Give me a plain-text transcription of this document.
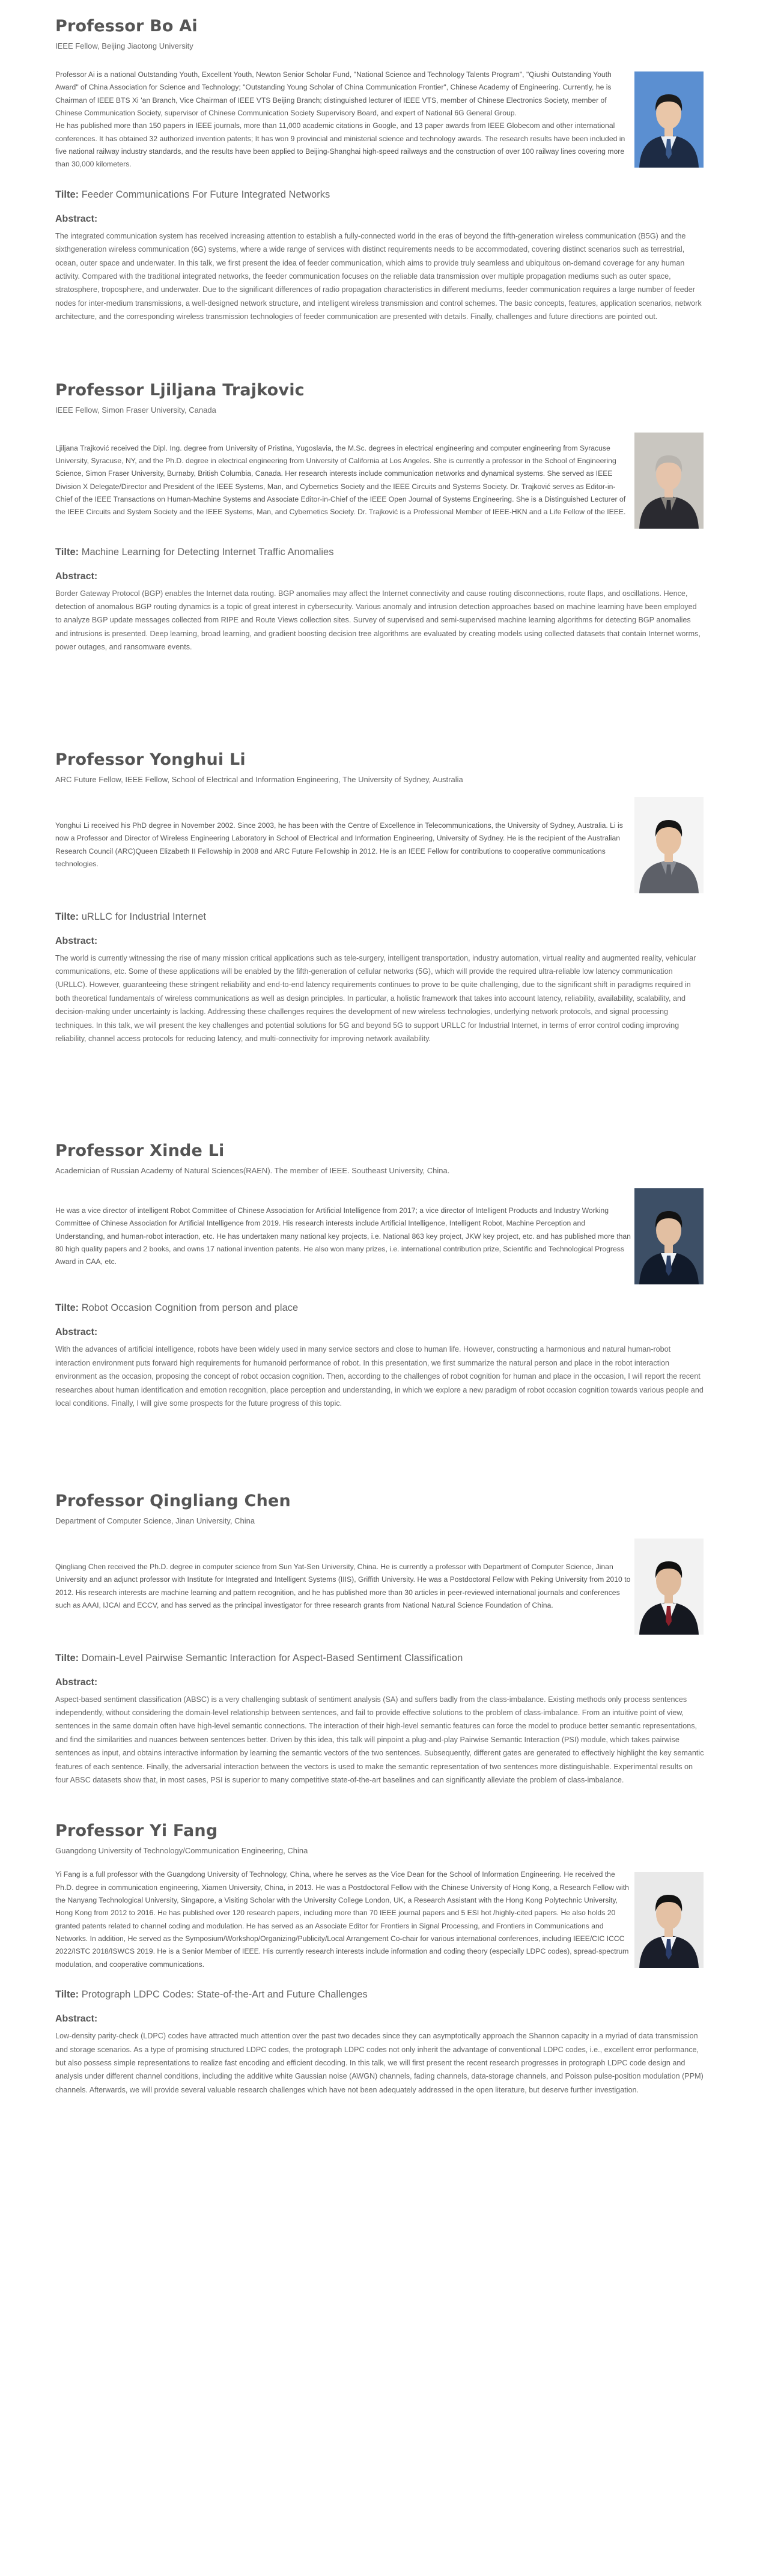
Professor Bo Ai
IEEE Fellow, Beijing Jiaotong University

Professor Ai is a national Outstanding Youth, Excellent Youth, Newton Senior Scholar Fund, "National Science and Technology Talents Program", "Qiushi Outstanding Youth Award" of China Association for Science and Technology; "Outstanding Young Scholar of China Communication Frontier", Chinese Academy of Engineering. Currently, he is Chairman of IEEE BTS Xi 'an Branch, Vice Chairman of IEEE VTS Beijing Branch; distinguished lecturer of IEEE VTS, member of Chinese Electronics Society, member of Chinese Communication Society, supervisor of Chinese Communication Society Supervisory Board, and expert of National 6G General Group.

He has published more than 150 papers in IEEE journals, more than 11,000 academic citations in Google, and 13 paper awards from IEEE Globecom and other international conferences. It has obtained 32 authorized invention patents; It has won 9 provincial and ministerial science and technology awards. The research results have been included in five national railway industry standards, and the results have been applied to Beijing-Shanghai high-speed railways and the construction of over 100 railway lines covering more than 30,000 kilometers.

Tilte: Feeder Communications For Future Integrated Networks
Abstract:

The integrated communication system has received increasing attention to establish a fully-connected world in the eras of beyond the fifth-generation wireless communication (B5G) and the sixthgeneration wireless communication (6G) systems, where a wide range of services with distinct requirements needs to be accommodated, covering distinct scenarios such as terrestrial, ocean, outer space and underwater. In this talk, we first present the idea of feeder communication, which aims to provide truly seamless and ubiquitous on-demand coverage for any human activity. Compared with the traditional integrated networks, the feeder communication focuses on the reliable data transmission over multiple propagation mediums such as outer space, stratosphere, troposphere, and underwater. Due to the significant differences of radio propagation characteristics in different mediums, feeder communication requires a large number of feeder nodes for inter-medium transmissions, a well-designed network structure, and intelligent wireless transmission and control schemes. The basic concepts, features, application scenarios, network architecture, and the corresponding wireless transmission technologies of feeder communication are presented with details. Finally, challenges and future directions are pointed out.

Professor Ljiljana Trajkovic
IEEE Fellow, Simon Fraser University, Canada

Ljiljana Trajković received the Dipl. Ing. degree from University of Pristina, Yugoslavia, the M.Sc. degrees in electrical engineering and computer engineering from Syracuse University, Syracuse, NY, and the Ph.D. degree in electrical engineering from University of California at Los Angeles. She is currently a professor in the School of Engineering Science, Simon Fraser University, Burnaby, British Columbia, Canada. Her research interests include communication networks and dynamical systems. She served as IEEE Division X Delegate/Director and President of the IEEE Systems, Man, and Cybernetics Society and the IEEE Circuits and Systems Society. Dr. Trajković serves as Editor-in-Chief of the IEEE Transactions on Human-Machine Systems and Associate Editor-in-Chief of the IEEE Open Journal of Systems Engineering. She is a Distinguished Lecturer of the IEEE Circuits and System Society and the IEEE Systems, Man, and Cybernetics Society. Dr. Trajković is a Professional Member of IEEE-HKN and a Life Fellow of the IEEE.

Tilte: Machine Learning for Detecting Internet Traffic Anomalies
Abstract:

Border Gateway Protocol (BGP) enables the Internet data routing. BGP anomalies may affect the Internet connectivity and cause routing disconnections, route flaps, and oscillations. Hence, detection of anomalous BGP routing dynamics is a topic of great interest in cybersecurity. Various anomaly and intrusion detection approaches based on machine learning have been employed to analyze BGP update messages collected from RIPE and Route Views collection sites. Survey of supervised and semi-supervised machine learning algorithms for detecting BGP anomalies and intrusions is presented. Deep learning, broad learning, and gradient boosting decision tree algorithms are evaluated by creating models using collected datasets that contain Internet worms, power outages, and ransomware events.

Professor Yonghui Li
ARC Future Fellow, IEEE Fellow, School of Electrical and Information Engineering, The University of Sydney, Australia

Yonghui Li received his PhD degree in November 2002. Since 2003, he has been with the Centre of Excellence in Telecommunications, the University of Sydney, Australia. Li is now a Professor and Director of Wireless Engineering Laboratory in School of Electrical and Information Engineering, University of Sydney. He is the recipient of the Australian Research Council (ARC)Queen Elizabeth II Fellowship in 2008 and ARC Future Fellowship in 2012. He is an IEEE Fellow for contributions to cooperative communications technologies.

Tilte: uRLLC for Industrial Internet
Abstract:

The world is currently witnessing the rise of many mission critical applications such as tele-surgery, intelligent transportation, industry automation, virtual reality and augmented reality, vehicular communications, etc. Some of these applications will be enabled by the fifth-generation of cellular networks (5G), which will provide the required ultra-reliable low latency communication (URLLC). However, guaranteeing these stringent reliability and end-to-end latency requirements continues to prove to be quite challenging, due to the significant shift in paradigms required in both theoretical fundamentals of wireless communications as well as design principles. In particular, a holistic framework that takes into account latency, reliability, availability, scalability, and decision-making under uncertainty is lacking. Addressing these challenges requires the development of new wireless technologies, underlying network protocols, and signal processing techniques. In this talk, we will present the key challenges and potential solutions for 5G and beyond 5G to support URLLC for Industrial Internet, in terms of error control coding improving reliability, channel access protocols for reducing latency, and multi-connectivity for improving network availability.

Professor Xinde Li
Academician of Russian Academy of Natural Sciences(RAEN). The member of IEEE. Southeast University, China.

He was a vice director of intelligent Robot Committee of Chinese Association for Artificial Intelligence from 2017; a vice director of Intelligent Products and Industry Working Committee of Chinese Association for Artificial Intelligence from 2019. His research interests include Artificial Intelligence, Intelligent Robot, Machine Perception and Understanding, and human-robot interaction, etc. He has undertaken many national key projects, i.e. National 863 key project, JKW key project, etc. and has published more than 80 high quality papers and 2 books, and owns 17 national invention patents. He also won many prizes, i.e. international contribution prize, Scientific and Technological Progress Award in CAA, etc.

Tilte: Robot Occasion Cognition from person and place
Abstract:

With the advances of artificial intelligence, robots have been widely used in many service sectors and close to human life. However, constructing a harmonious and natural human-robot interaction environment puts forward high requirements for humanoid performance of robot. In this presentation, we first summarize the natural person and place in the robot interaction environment as the occasion, proposing the concept of robot occasion cognition. Then, according to the challenges of robot cognition for human and place in the occasion, I will report the recent researches about human identification and emotion recognition, place perception and understanding, in which we explore a new paradigm of robot occasion cognition towards various people and local conditions. Finally, I will give some prospects for the future progress of this topic.

Professor Qingliang Chen
Department of Computer Science, Jinan University, China

Qingliang Chen received the Ph.D. degree in computer science from Sun Yat-Sen University, China. He is currently a professor with Department of Computer Science, Jinan University and an adjunct professor with Institute for Integrated and Intelligent Systems (IIIS), Griffith University. He was a Postdoctoral Fellow with Peking University from 2010 to 2012. His research interests are machine learning and pattern recognition, and he has published more than 30 articles in peer-reviewed international journals and conferences such as AAAI, IJCAI and ECCV, and has served as the principal investigator for three research grants from National Natural Science Foundation of China.

Tilte: Domain-Level Pairwise Semantic Interaction for Aspect-Based Sentiment Classification
Abstract:

Aspect-based sentiment classification (ABSC) is a very challenging subtask of sentiment analysis (SA) and suffers badly from the class-imbalance. Existing methods only process sentences independently, without considering the domain-level relationship between sentences, and fail to provide effective solutions to the problem of class-imbalance. From an intuitive point of view, sentences in the same domain often have high-level semantic connections. The interaction of their high-level semantic features can force the model to produce better semantic representations, and find the similarities and nuances between sentences better. Driven by this idea, this talk will pinpoint a plug-and-play Pairwise Semantic Interaction (PSI) module, which takes pairwise sentences as input, and obtains interactive information by learning the semantic vectors of the two sentences. Subsequently, different gates are generated to effectively highlight the key semantic features of each sentence. Finally, the adversarial interaction between the vectors is used to make the semantic representation of two sentences more distinguishable. Experimental results on four ABSC datasets show that, in most cases, PSI is superior to many competitive state-of-the-art baselines and can significantly alleviate the problem of class-imbalance.

Professor Yi Fang
Guangdong University of Technology/Communication Engineering, China

Yi Fang is a full professor with the Guangdong University of Technology, China, where he serves as the Vice Dean for the School of Information Engineering. He received the Ph.D. degree in communication engineering, Xiamen University, China, in 2013. He was a Postdoctoral Fellow with the Chinese University of Hong Kong, a Research Fellow with the Nanyang Technological University, Singapore, a Visiting Scholar with the University College London, UK, a Research Assistant with the Hong Kong Polytechnic University, Hong Kong from 2012 to 2016. He has published over 120 research papers, including more than 70 IEEE journal papers and 5 ESI hot /highly-cited papers. He also holds 20 granted patents related to channel coding and modulation. He has served as an Associate Editor for Frontiers in Signal Processing, and Frontiers in Communications and Networks. In addition, He served as the Symposium/Workshop/Organizing/Publicity/Local Arrangement Co-chair for various international conferences, including IEEE/CIC ICCC 2022/ISTC 2018/ISWCS 2019. He is a Senior Member of IEEE. His currently research interests include information and coding theory (especially LDPC codes), spread-spectrum modulation, and cooperative communications.

Tilte: Protograph LDPC Codes: State-of-the-Art and Future Challenges
Abstract:

Low-density parity-check (LDPC) codes have attracted much attention over the past two decades since they can asymptotically approach the Shannon capacity in a myriad of data transmission and storage scenarios. As a type of promising structured LDPC codes, the protograph LDPC codes not only inherit the advantage of conventional LDPC codes, i.e., excellent error performance, but also possess simple representations to realize fast encoding and efficient decoding. In this talk, we will first present the recent research progresses in protograph LDPC code design and analysis under different channel conditions, including the additive white Gaussian noise (AWGN) channels, fading channels, data-storage channels, and Poisson pulse-position modulation (PPM) channels. Afterwards, we will provide several valuable research challenges which have not been adequately addressed in the open literature, but deserve further investigation.
